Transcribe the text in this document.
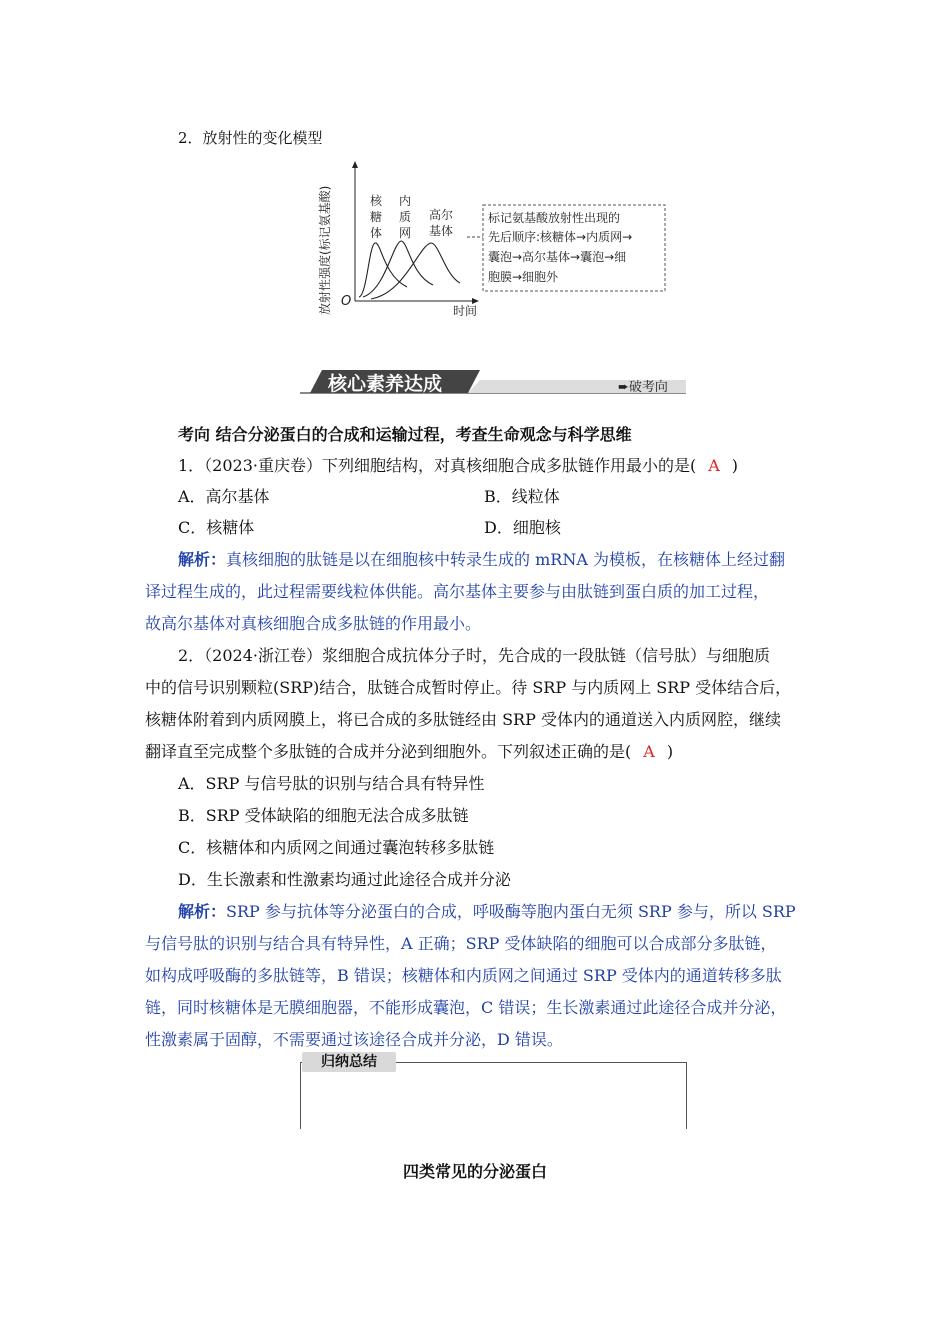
2．放射性的变化模型
放射性强度(标记氨基酸) O
时间
核
糖
体
内
质
网
高尔
基体
标记氨基酸放射性出现的
先后顺序:核糖体→内质网→
囊泡→高尔基体→囊泡→细
胞膜→细胞外
核心素养达成	➨破考向
考向 结合分泌蛋白的合成和运输过程，考查生命观念与科学思维
1．（2023·重庆卷）下列细胞结构，对真核细胞合成多肽链作用最小的是( A )
A．高尔基体	B．线粒体
C．核糖体	D．细胞核
解析：真核细胞的肽链是以在细胞核中转录生成的 mRNA 为模板，在核糖体上经过翻
译过程生成的，此过程需要线粒体供能。高尔基体主要参与由肽链到蛋白质的加工过程，
故高尔基体对真核细胞合成多肽链的作用最小。
2．（2024·浙江卷）浆细胞合成抗体分子时，先合成的一段肽链（信号肽）与细胞质
中的信号识别颗粒(SRP)结合，肽链合成暂时停止。待 SRP 与内质网上 SRP 受体结合后，
核糖体附着到内质网膜上，将已合成的多肽链经由 SRP 受体内的通道送入内质网腔，继续
翻译直至完成整个多肽链的合成并分泌到细胞外。下列叙述正确的是( A )
A．SRP 与信号肽的识别与结合具有特异性
B．SRP 受体缺陷的细胞无法合成多肽链
C．核糖体和内质网之间通过囊泡转移多肽链
D．生长激素和性激素均通过此途径合成并分泌
解析：SRP 参与抗体等分泌蛋白的合成，呼吸酶等胞内蛋白无须 SRP 参与，所以 SRP
与信号肽的识别与结合具有特异性，A 正确；SRP 受体缺陷的细胞可以合成部分多肽链，
如构成呼吸酶的多肽链等，B 错误；核糖体和内质网之间通过 SRP 受体内的通道转移多肽
链，同时核糖体是无膜细胞器，不能形成囊泡，C 错误；生长激素通过此途径合成并分泌，
性激素属于固醇，不需要通过该途径合成并分泌，D 错误。
归纳总结
四类常见的分泌蛋白
